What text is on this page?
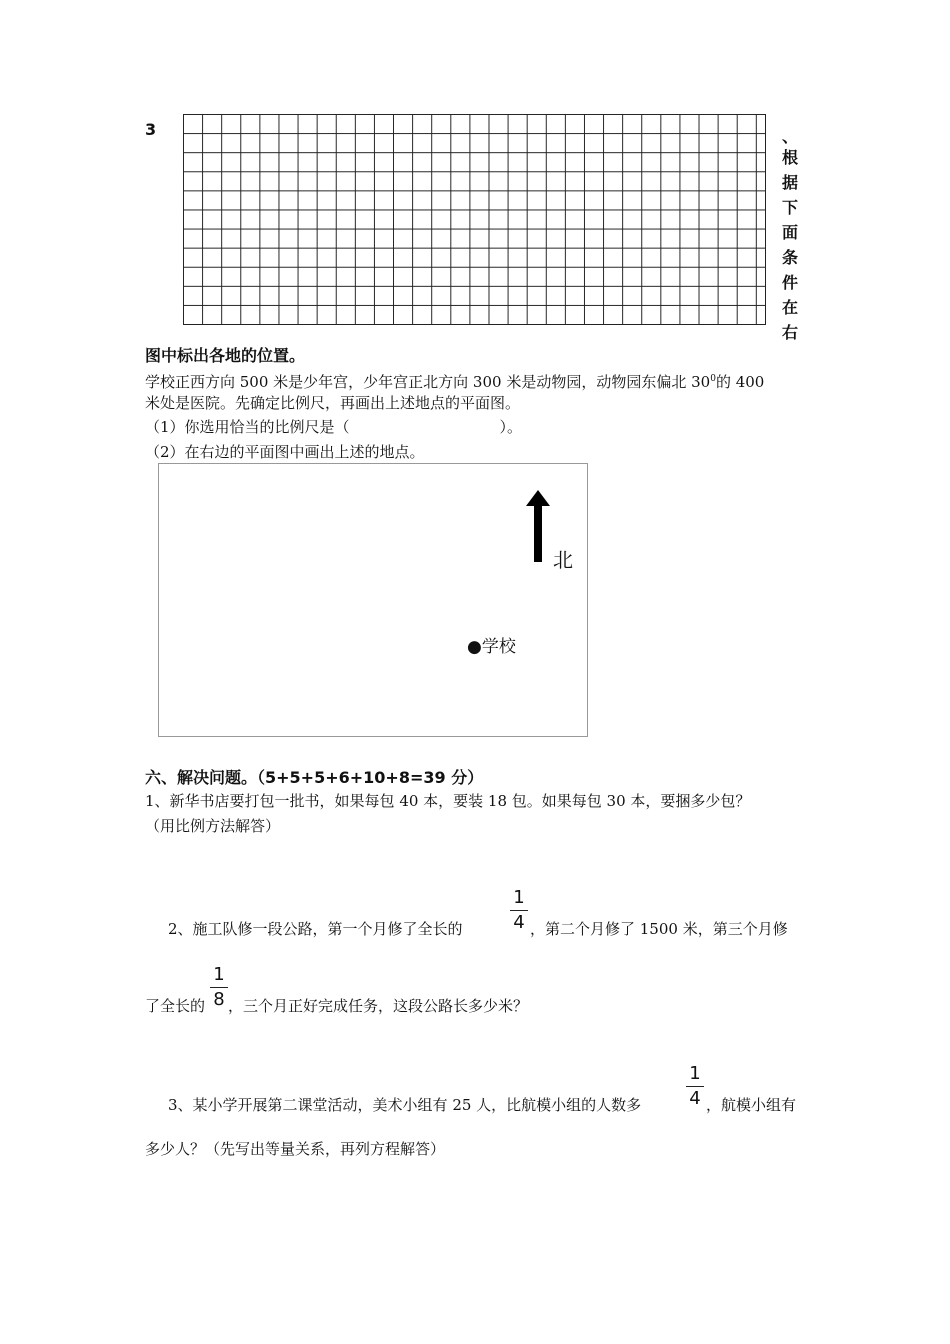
3	、
根
据
下
面
条
件
在
右
图中标出各地的位置。
学校正西方向 500 米是少年宫，少年宫正北方向 300 米是动物园，动物园东偏北 $30^0$的 400
米处是医院。先确定比例尺，再画出上述地点的平面图。
（1）你选用恰当的比例尺是（	）。
（2）在右边的平面图中画出上述的地点。
北
●学校
六、解决问题。（5+5+5+6+10+8=39 分）
1、新华书店要打包一批书，如果每包 40 本，要装 18 包。如果每包 30 本，要捆多少包？
（用比例方法解答）
2、施工队修一段公路，第一个月修了全长的	$\frac{1}{4}$ ，第二个月修了 1500 米，第三个月修
了全长的 $\frac{1}{8}$ ，三个月正好完成任务，这段公路长多少米？
3、某小学开展第二课堂活动，美术小组有 25 人，比航模小组的人数多 $\frac{1}{4}$ ，航模小组有
多少人？（先写出等量关系，再列方程解答）
